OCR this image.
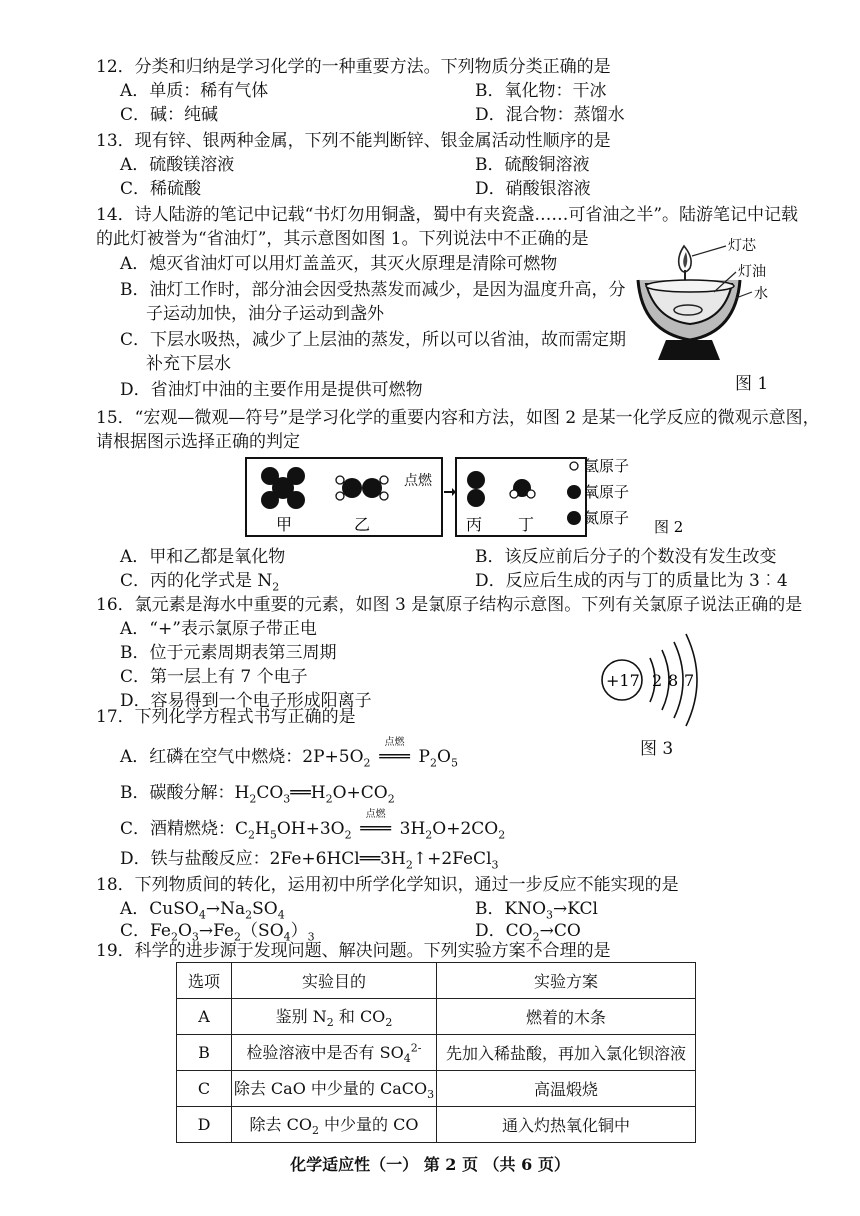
12．分类和归纳是学习化学的一种重要方法。下列物质分类正确的是
A．单质：稀有气体	B．氧化物：干冰
C．碱：纯碱	D．混合物：蒸馏水
13．现有锌、银两种金属，下列不能判断锌、银金属活动性顺序的是
A．硫酸镁溶液	B．硫酸铜溶液
C．稀硫酸	D．硝酸银溶液
14．诗人陆游的笔记中记载“书灯勿用铜盏，蜀中有夹瓷盏……可省油之半”。陆游笔记中记载
的此灯被誉为“省油灯”，其示意图如图 1。下列说法中不正确的是
A．熄灭省油灯可以用灯盖盖灭，其灭火原理是清除可燃物
B．油灯工作时，部分油会因受热蒸发而减少，是因为温度升高，分
子运动加快，油分子运动到盏外
C．下层水吸热，减少了上层油的蒸发，所以可以省油，故而需定期
补充下层水
D．省油灯中油的主要作用是提供可燃物
灯芯
灯油
水
图 1
15．“宏观—微观—符号”是学习化学的重要内容和方法，如图 2 是某一化学反应的微观示意图，
请根据图示选择正确的判定
甲	乙	丙 丁
氢原子
氧原子
氮原子 图 2
点燃
A．甲和乙都是氧化物	B．该反应前后分子的个数没有发生改变
C．丙的化学式是 $N_2$	D．反应后生成的丙与丁的质量比为 3︰4
16．氯元素是海水中重要的元素，如图 3 是氯原子结构示意图。下列有关氯原子说法正确的是
A．“+”表示氯原子带正电
B．位于元素周期表第三周期
C．第一层上有 7 个电子
D．容易得到一个电子形成阳离子
+17 2 8 7
图 3
17．下列化学方程式书写正确的是
A．红磷在空气中燃烧：$2P+5O_2$
点燃
═══ $P_2O_5$
B．碳酸分解：$H_2CO_3══H_2O+CO_2$
C．酒精燃烧：$C_2H_5OH+3O_2$
点燃
═══ $3H_2O+2CO_2$
D．铁与盐酸反应：$2Fe+6HCl══3H_2↑+2FeCl_3$
18．下列物质间的转化，运用初中所学化学知识，通过一步反应不能实现的是
A．$CuSO_4\to Na_2SO_4$	B．$KNO_3\to KCl$
C．$Fe_2O_3\to Fe_2(SO_4)_3$	D．$CO_2\to CO$
19．科学的进步源于发现问题、解决问题。下列实验方案不合理的是
选项	实验目的	实验方案
A	鉴别 $N_2$ 和 $CO_2$	燃着的木条
B	检验溶液中是否有 $SO_4^{2-}$	先加入稀盐酸，再加入氯化钡溶液
C	除去 CaO 中少量的 CaCO$_3$	高温煅烧
D	除去 $CO_2$ 中少量的 CO	通入灼热氧化铜中
化学适应性（一） 第 2 页 （共 6 页）
